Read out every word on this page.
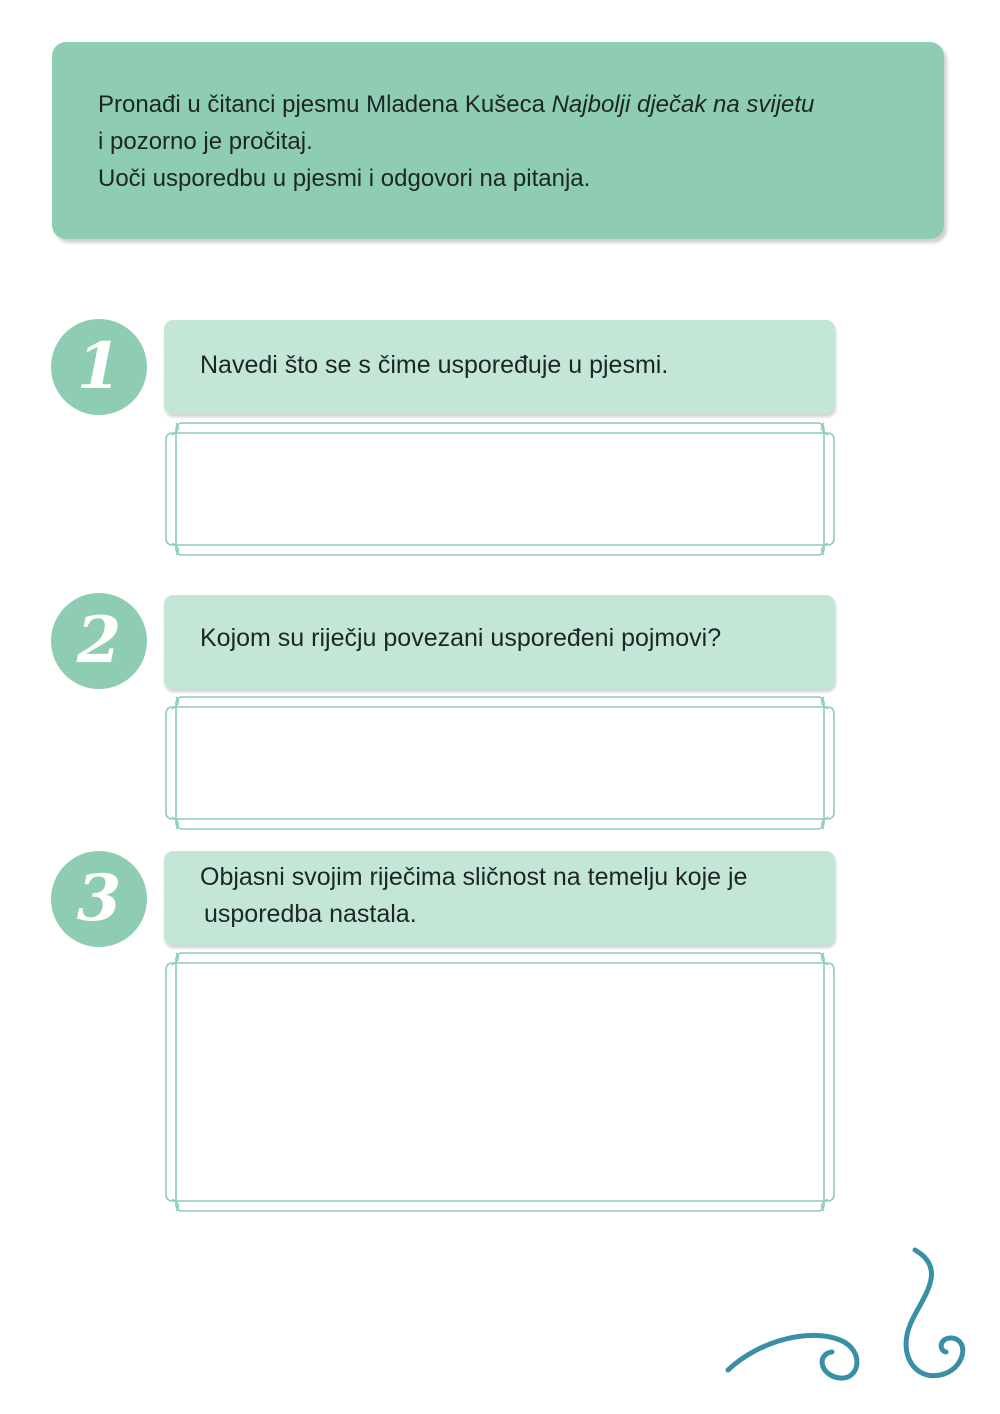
Pronađi u čitanci pjesmu Mladena Kušeca Najbolji dječak na svijetu
i pozorno je pročitaj.
Uoči usporedbu u pjesmi i odgovori na pitanja.
1	Navedi što se s čime uspoređuje u pjesmi.
2	Kojom su riječju povezani uspoređeni pojmovi?
3	Objasni svojim riječima sličnost na temelju koje je
usporedba nastala.
